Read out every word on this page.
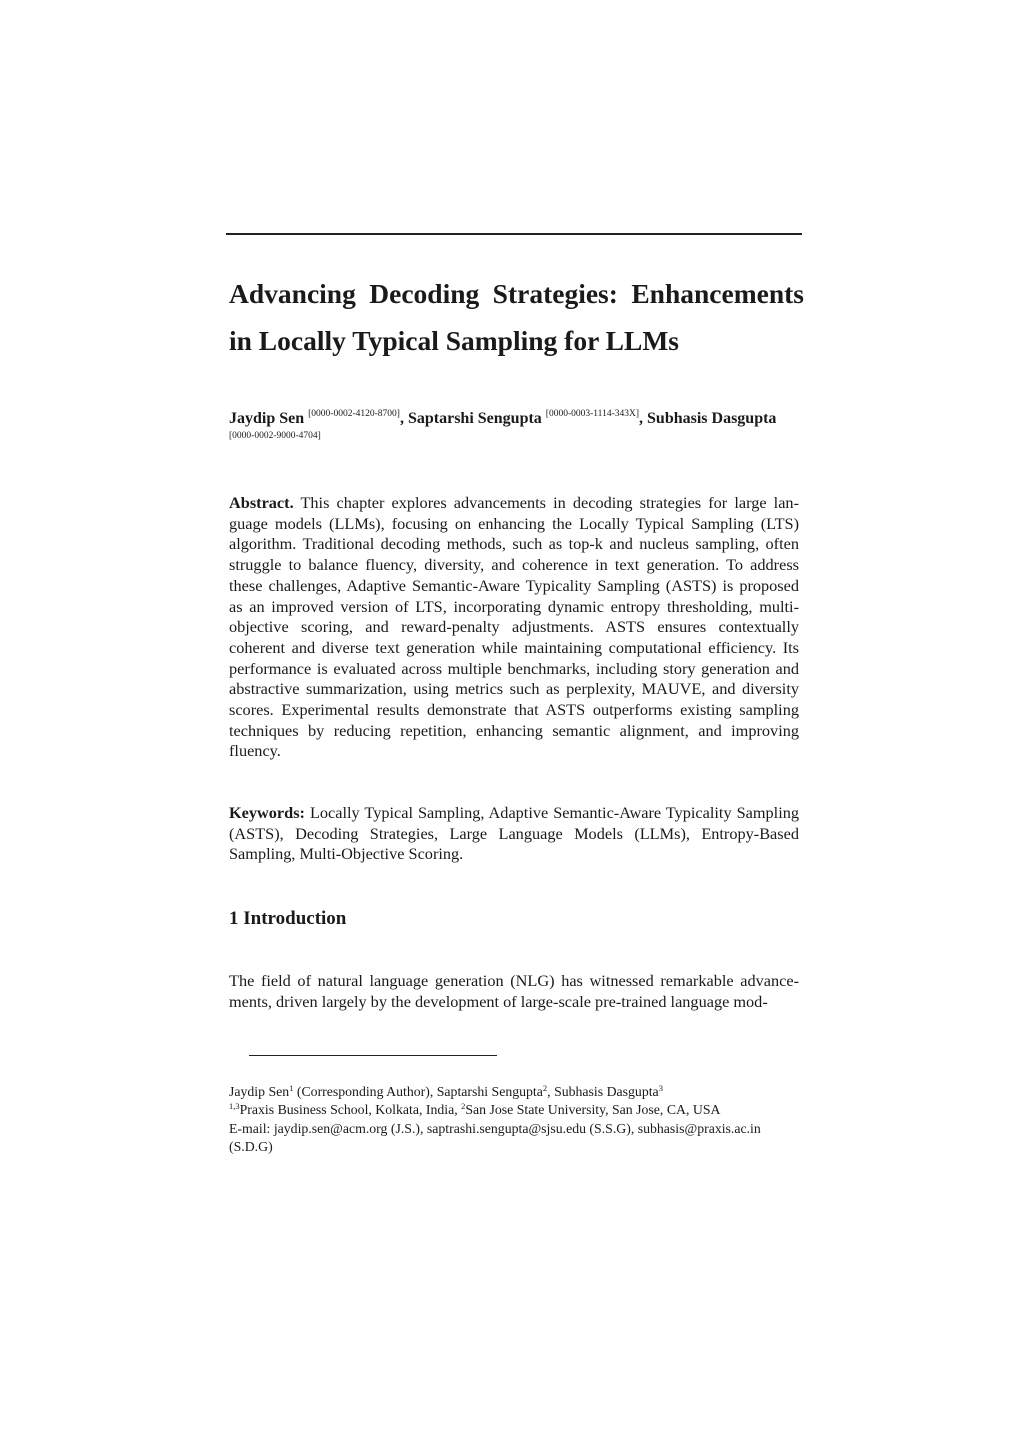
Advancing Decoding Strategies: Enhancements
in Locally Typical Sampling for LLMs

Jaydip Sen [0000-0002-4120-8700], Saptarshi Sengupta [0000-0003-1114-343X], Subhasis Dasgupta [0000-0002-9000-4704]

Abstract. This chapter explores advancements in decoding strategies for large language models (LLMs), focusing on enhancing the Locally Typical Sampling (LTS) algorithm. Traditional decoding methods, such as top-k and nucleus sampling, often struggle to balance fluency, diversity, and coherence in text generation. To address these challenges, Adaptive Semantic-Aware Typicality Sampling (ASTS) is proposed as an improved version of LTS, incorporating dynamic entropy thresholding, multi-objective scoring, and reward-penalty adjustments. ASTS ensures contextually coherent and diverse text generation while maintaining computational efficiency. Its performance is evaluated across multiple benchmarks, including story generation and abstractive summarization, using metrics such as perplexity, MAUVE, and diversity scores. Experimental results demonstrate that ASTS outperforms existing sampling techniques by reducing repetition, enhancing semantic alignment, and improving fluency.

Keywords: Locally Typical Sampling, Adaptive Semantic-Aware Typicality Sampling (ASTS), Decoding Strategies, Large Language Models (LLMs), Entropy-Based Sampling, Multi-Objective Scoring.

1 Introduction

The field of natural language generation (NLG) has witnessed remarkable advancements, driven largely by the development of large-scale pre-trained language mod-

Jaydip Sen$^1$ (Corresponding Author), Saptarshi Sengupta$^2$, Subhasis Dasgupta$^3$
$^{1,3}$Praxis Business School, Kolkata, India, $^2$San Jose State University, San Jose, CA, USA
E-mail: jaydip.sen@acm.org (J.S.), saptrashi.sengupta@sjsu.edu (S.S.G), subhasis@praxis.ac.in (S.D.G)
